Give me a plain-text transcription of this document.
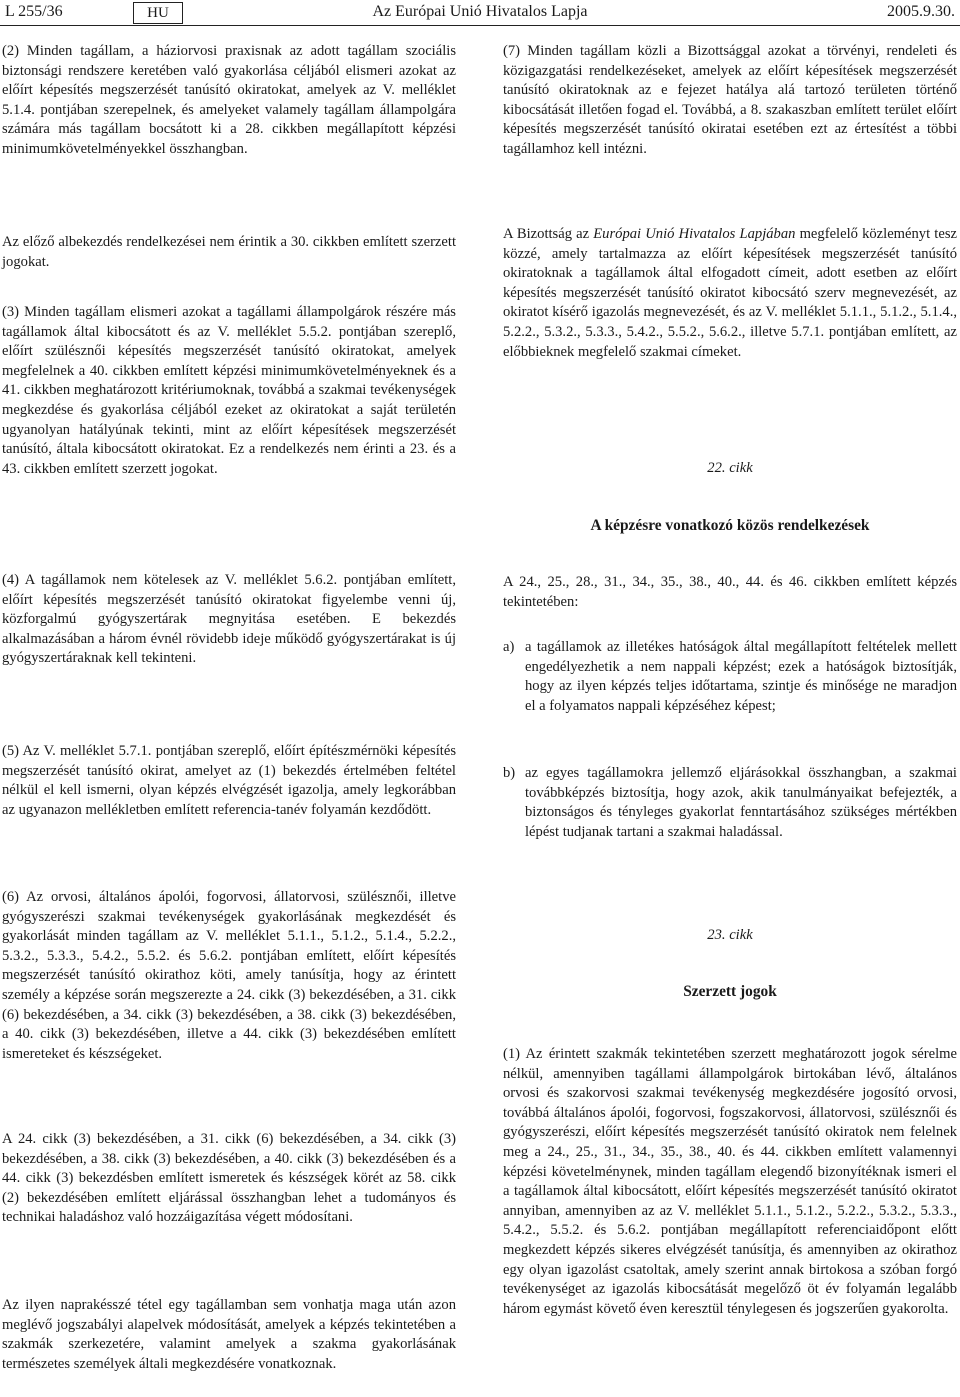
L 255/36	HU	Az Európai Unió Hivatalos Lapja	2005.9.30.

(2) Minden tagállam, a háziorvosi praxisnak az adott tagállam szociális biztonsági rendszere keretében való gyakorlása céljából elismeri azokat az előírt képesítés megszerzését tanúsító okiratokat, amelyek az V. melléklet 5.1.4. pontjában szerepelnek, és amelyeket valamely tagállam állampolgára számára más tagállam bocsátott ki a 28. cikkben megállapított képzési minimumkövetelményekkel összhangban.

Az előző albekezdés rendelkezései nem érintik a 30. cikkben említett szerzett jogokat.

(3) Minden tagállam elismeri azokat a tagállami állampolgárok részére más tagállamok által kibocsátott és az V. melléklet 5.5.2. pontjában szereplő, előírt szülésznői képesítés megszerzését tanúsító okiratokat, amelyek megfelelnek a 40. cikkben említett képzési minimumkövetelményeknek és a 41. cikkben meghatározott kritériumoknak, továbbá a szakmai tevékenységek megkezdése és gyakorlása céljából ezeket az okiratokat a saját területén ugyanolyan hatályúnak tekinti, mint az előírt képesítések megszerzését tanúsító, általa kibocsátott okiratokat. Ez a rendelkezés nem érinti a 23. és a 43. cikkben említett szerzett jogokat.

(4) A tagállamok nem kötelesek az V. melléklet 5.6.2. pontjában említett, előírt képesítés megszerzését tanúsító okiratokat figyelembe venni új, közforgalmú gyógyszertárak megnyitása esetében. E bekezdés alkalmazásában a három évnél rövidebb ideje működő gyógyszertárakat is új gyógyszertáraknak kell tekinteni.

(5) Az V. melléklet 5.7.1. pontjában szereplő, előírt építészmérnöki képesítés megszerzését tanúsító okirat, amelyet az (1) bekezdés értelmében feltétel nélkül el kell ismerni, olyan képzés elvégzését igazolja, amely legkorábban az ugyanazon mellékletben említett referencia-tanév folyamán kezdődött.

(6) Az orvosi, általános ápolói, fogorvosi, állatorvosi, szülésznői, illetve gyógyszerészi szakmai tevékenységek gyakorlásának megkezdését és gyakorlását minden tagállam az V. melléklet 5.1.1., 5.1.2., 5.1.4., 5.2.2., 5.3.2., 5.3.3., 5.4.2., 5.5.2. és 5.6.2. pontjában említett, előírt képesítés megszerzését tanúsító okirathoz köti, amely tanúsítja, hogy az érintett személy a képzése során megszerezte a 24. cikk (3) bekezdésében, a 31. cikk (6) bekezdésében, a 34. cikk (3) bekezdésében, a 38. cikk (3) bekezdésében, a 40. cikk (3) bekezdésében, illetve a 44. cikk (3) bekezdésében említett ismereteket és készségeket.

A 24. cikk (3) bekezdésében, a 31. cikk (6) bekezdésében, a 34. cikk (3) bekezdésében, a 38. cikk (3) bekezdésében, a 40. cikk (3) bekezdésében és a 44. cikk (3) bekezdésben említett ismeretek és készségek körét az 58. cikk (2) bekezdésében említett eljárással összhangban lehet a tudományos és technikai haladáshoz való hozzáigazítása végett módosítani.

Az ilyen naprakésszé tétel egy tagállamban sem vonhatja maga után azon meglévő jogszabályi alapelvek módosítását, amelyek a képzés tekintetében a szakmák szerkezetére, valamint amelyek a szakma gyakorlásának természetes személyek általi megkezdésére vonatkoznak.

(7) Minden tagállam közli a Bizottsággal azokat a törvényi, rendeleti és közigazgatási rendelkezéseket, amelyek az előírt képesítések megszerzését tanúsító okiratoknak az e fejezet hatálya alá tartozó területen történő kibocsátását illetően fogad el. Továbbá, a 8. szakaszban említett terület előírt képesítés megszerzését tanúsító okiratai esetében ezt az értesítést a többi tagállamhoz kell intézni.

A Bizottság az Európai Unió Hivatalos Lapjában megfelelő közleményt tesz közzé, amely tartalmazza az előírt képesítések megszerzését tanúsító okiratoknak a tagállamok által elfogadott címeit, adott esetben az előírt képesítés megszerzését tanúsító okiratot kibocsátó szerv megnevezését, az okiratot kísérő igazolás megnevezését, és az V. melléklet 5.1.1., 5.1.2., 5.1.4., 5.2.2., 5.3.2., 5.3.3., 5.4.2., 5.5.2., 5.6.2., illetve 5.7.1. pontjában említett, az előbbieknek megfelelő szakmai címeket.

22. cikk
A képzésre vonatkozó közös rendelkezések

A 24., 25., 28., 31., 34., 35., 38., 40., 44. és 46. cikkben említett képzés tekintetében:

a) a tagállamok az illetékes hatóságok által megállapított feltételek mellett engedélyezhetik a nem nappali képzést; ezek a hatóságok biztosítják, hogy az ilyen képzés teljes időtartama, szintje és minősége ne maradjon el a folyamatos nappali képzéséhez képest;
b) az egyes tagállamokra jellemző eljárásokkal összhangban, a szakmai továbbképzés biztosítja, hogy azok, akik tanulmányaikat befejezték, a biztonságos és tényleges gyakorlat fenntartásához szükséges mértékben lépést tudjanak tartani a szakmai haladással.
23. cikk
Szerzett jogok

(1) Az érintett szakmák tekintetében szerzett meghatározott jogok sérelme nélkül, amennyiben tagállami állampolgárok birtokában lévő, általános orvosi és szakorvosi szakmai tevékenység megkezdésére jogosító orvosi, továbbá általános ápolói, fogorvosi, fogszakorvosi, állatorvosi, szülésznői és gyógyszerészi, előírt képesítés megszerzését tanúsító okiratok nem felelnek meg a 24., 25., 31., 34., 35., 38., 40. és 44. cikkben említett valamennyi képzési követelménynek, minden tagállam elegendő bizonyítéknak ismeri el a tagállamok által kibocsátott, előírt képesítés megszerzését tanúsító okiratot annyiban, amennyiben az az V. melléklet 5.1.1., 5.1.2., 5.2.2., 5.3.2., 5.3.3., 5.4.2., 5.5.2. és 5.6.2. pontjában megállapított referenciaidőpont előtt megkezdett képzés sikeres elvégzését tanúsítja, és amennyiben az okirathoz egy olyan igazolást csatoltak, amely szerint annak birtokosa a szóban forgó tevékenységet az igazolás kibocsátását megelőző öt év folyamán legalább három egymást követő éven keresztül ténylegesen és jogszerűen gyakorolta.
